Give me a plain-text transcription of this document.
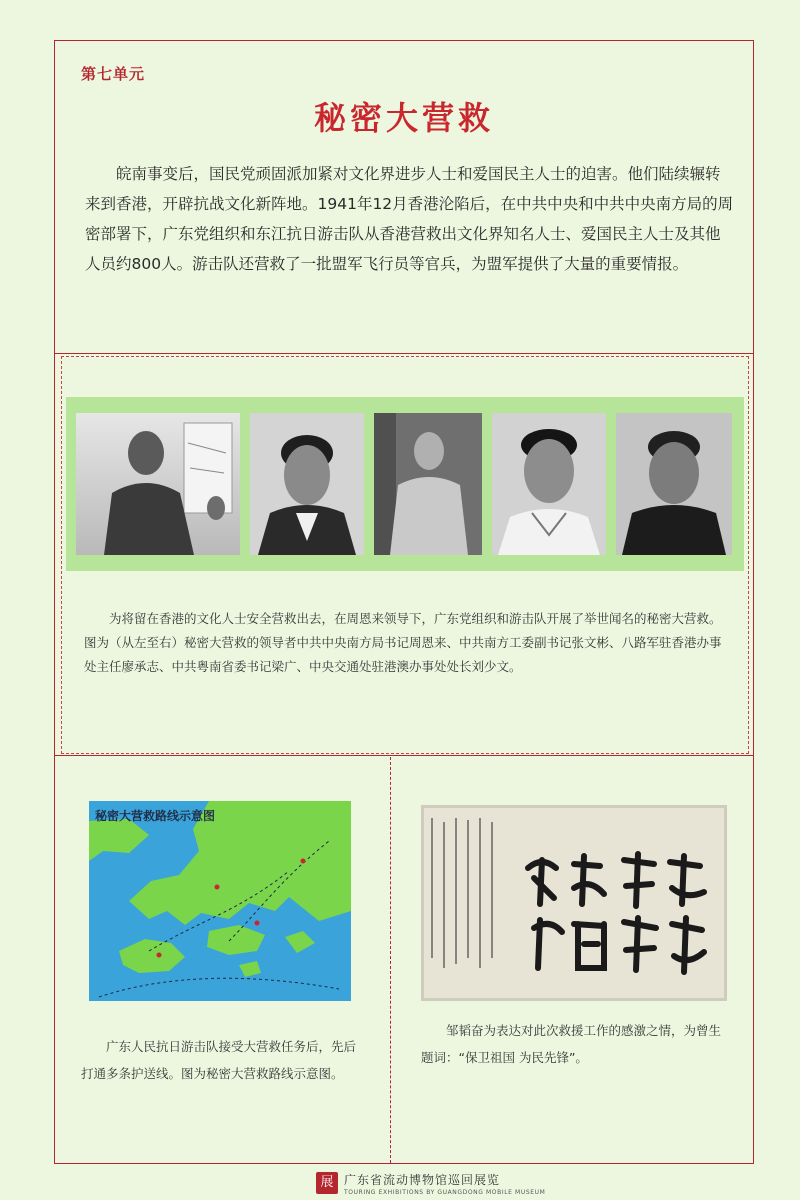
第七单元
秘密大营救

皖南事变后，国民党顽固派加紧对文化界进步人士和爱国民主人士的迫害。他们陆续辗转来到香港，开辟抗战文化新阵地。1941年12月香港沦陷后，在中共中央和中共中央南方局的周密部署下，广东党组织和东江抗日游击队从香港营救出文化界知名人士、爱国民主人士及其他人员约800人。游击队还营救了一批盟军飞行员等官兵，为盟军提供了大量的重要情报。

为将留在香港的文化人士安全营救出去，在周恩来领导下，广东党组织和游击队开展了举世闻名的秘密大营救。图为（从左至右）秘密大营救的领导者中共中央南方局书记周恩来、中共南方工委副书记张文彬、八路军驻香港办事处主任廖承志、中共粤南省委书记梁广、中央交通处驻港澳办事处处长刘少文。

秘密大营救路线示意图

广东人民抗日游击队接受大营救任务后，先后打通多条护送线。图为秘密大营救路线示意图。

邹韬奋为表达对此次救援工作的感激之情，为曾生题词：“保卫祖国 为民先锋”。

展 广东省流动博物馆巡回展览
TOURING EXHIBITIONS BY GUANGDONG MOBILE MUSEUM
